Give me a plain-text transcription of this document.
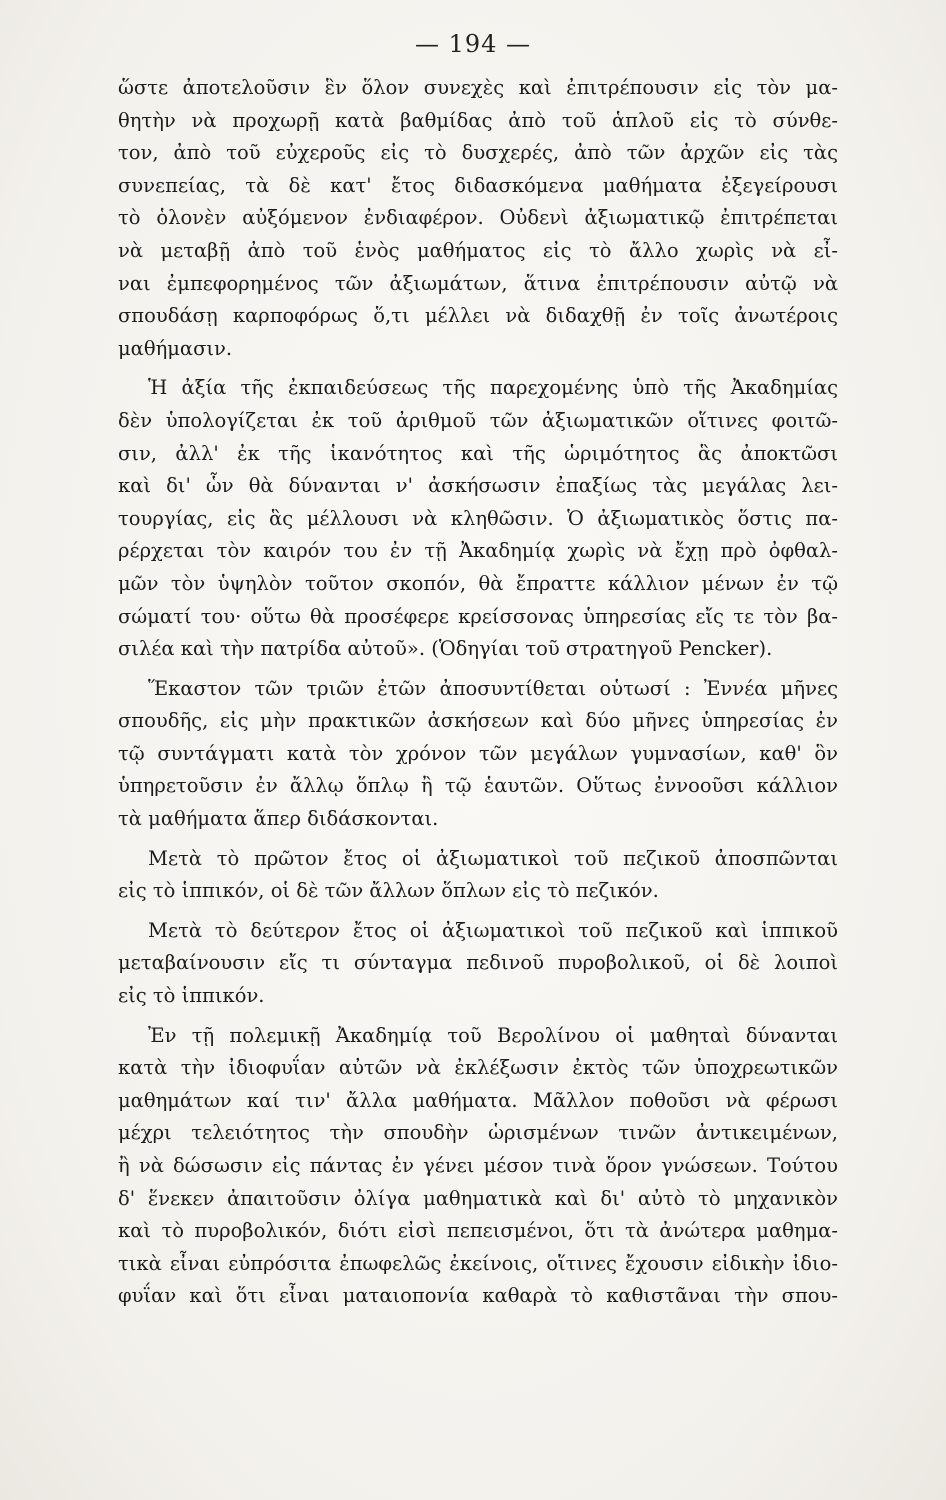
— 194 —
ὥστε ἀποτελοῦσιν ἓν ὅλον συνεχὲς καὶ ἐπιτρέπουσιν εἰς τὸν μα-
θητὴν νὰ προχωρῇ κατὰ βαθμίδας ἀπὸ τοῦ ἁπλοῦ εἰς τὸ σύνθε-
τον, ἀπὸ τοῦ εὐχεροῦς εἰς τὸ δυσχερές, ἀπὸ τῶν ἀρχῶν εἰς τὰς
συνεπείας, τὰ δὲ κατ' ἔτος διδασκόμενα μαθήματα ἐξεγείρουσι
τὸ ὁλονὲν αὐξόμενον ἐνδιαφέρον. Οὐδενὶ ἀξιωματικῷ ἐπιτρέπεται
νὰ μεταβῇ ἀπὸ τοῦ ἑνὸς μαθήματος εἰς τὸ ἄλλο χωρὶς νὰ εἶ-
ναι ἐμπεφορημένος τῶν ἀξιωμάτων, ἅτινα ἐπιτρέπουσιν αὐτῷ νὰ
σπουδάσῃ καρποφόρως ὅ,τι μέλλει νὰ διδαχθῇ ἐν τοῖς ἀνωτέροις
μαθήμασιν.
Ἡ ἀξία τῆς ἐκπαιδεύσεως τῆς παρεχομένης ὑπὸ τῆς Ἀκαδημίας
δὲν ὑπολογίζεται ἐκ τοῦ ἀριθμοῦ τῶν ἀξιωματικῶν οἵτινες φοιτῶ-
σιν, ἀλλ' ἐκ τῆς ἱκανότητος καὶ τῆς ὡριμότητος ἃς ἀποκτῶσι
καὶ δι' ὧν θὰ δύνανται ν' ἀσκήσωσιν ἐπαξίως τὰς μεγάλας λει-
τουργίας, εἰς ἃς μέλλουσι νὰ κληθῶσιν. Ὁ ἀξιωματικὸς ὅστις πα-
ρέρχεται τὸν καιρόν του ἐν τῇ Ἀκαδημίᾳ χωρὶς νὰ ἔχῃ πρὸ ὀφθαλ-
μῶν τὸν ὑψηλὸν τοῦτον σκοπόν, θὰ ἔπραττε κάλλιον μένων ἐν τῷ
σώματί του· οὕτω θὰ προσέφερε κρείσσονας ὑπηρεσίας εἴς τε τὸν βα-
σιλέα καὶ τὴν πατρίδα αὐτοῦ». (Ὁδηγίαι τοῦ στρατηγοῦ Pencker).
Ἕκαστον τῶν τριῶν ἐτῶν ἀποσυντίθεται οὑτωσί : Ἐννέα μῆνες
σπουδῆς, εἰς μὴν πρακτικῶν ἀσκήσεων καὶ δύο μῆνες ὑπηρεσίας ἐν
τῷ συντάγματι κατὰ τὸν χρόνον τῶν μεγάλων γυμνασίων, καθ' ὃν
ὑπηρετοῦσιν ἐν ἄλλῳ ὅπλῳ ἢ τῷ ἑαυτῶν. Οὕτως ἐννοοῦσι κάλλιον
τὰ μαθήματα ἅπερ διδάσκονται.
Μετὰ τὸ πρῶτον ἔτος οἱ ἀξιωματικοὶ τοῦ πεζικοῦ ἀποσπῶνται
εἰς τὸ ἱππικόν, οἱ δὲ τῶν ἄλλων ὅπλων εἰς τὸ πεζικόν.
Μετὰ τὸ δεύτερον ἔτος οἱ ἀξιωματικοὶ τοῦ πεζικοῦ καὶ ἱππικοῦ
μεταβαίνουσιν εἴς τι σύνταγμα πεδινοῦ πυροβολικοῦ, οἱ δὲ λοιποὶ
εἰς τὸ ἱππικόν.
Ἐν τῇ πολεμικῇ Ἀκαδημίᾳ τοῦ Βερολίνου οἱ μαθηταὶ δύνανται
κατὰ τὴν ἰδιοφυΐαν αὐτῶν νὰ ἐκλέξωσιν ἐκτὸς τῶν ὑποχρεωτικῶν
μαθημάτων καί τιν' ἄλλα μαθήματα. Μᾶλλον ποθοῦσι νὰ φέρωσι
μέχρι τελειότητος τὴν σπουδὴν ὡρισμένων τινῶν ἀντικειμένων,
ἢ νὰ δώσωσιν εἰς πάντας ἐν γένει μέσον τινὰ ὅρον γνώσεων. Τούτου
δ' ἕνεκεν ἀπαιτοῦσιν ὀλίγα μαθηματικὰ καὶ δι' αὐτὸ τὸ μηχανικὸν
καὶ τὸ πυροβολικόν, διότι εἰσὶ πεπεισμένοι, ὅτι τὰ ἀνώτερα μαθημα-
τικὰ εἶναι εὐπρόσιτα ἐπωφελῶς ἐκείνοις, οἵτινες ἔχουσιν εἰδικὴν ἰδιο-
φυΐαν καὶ ὅτι εἶναι ματαιοπονία καθαρὰ τὸ καθιστᾶναι τὴν σπου-
